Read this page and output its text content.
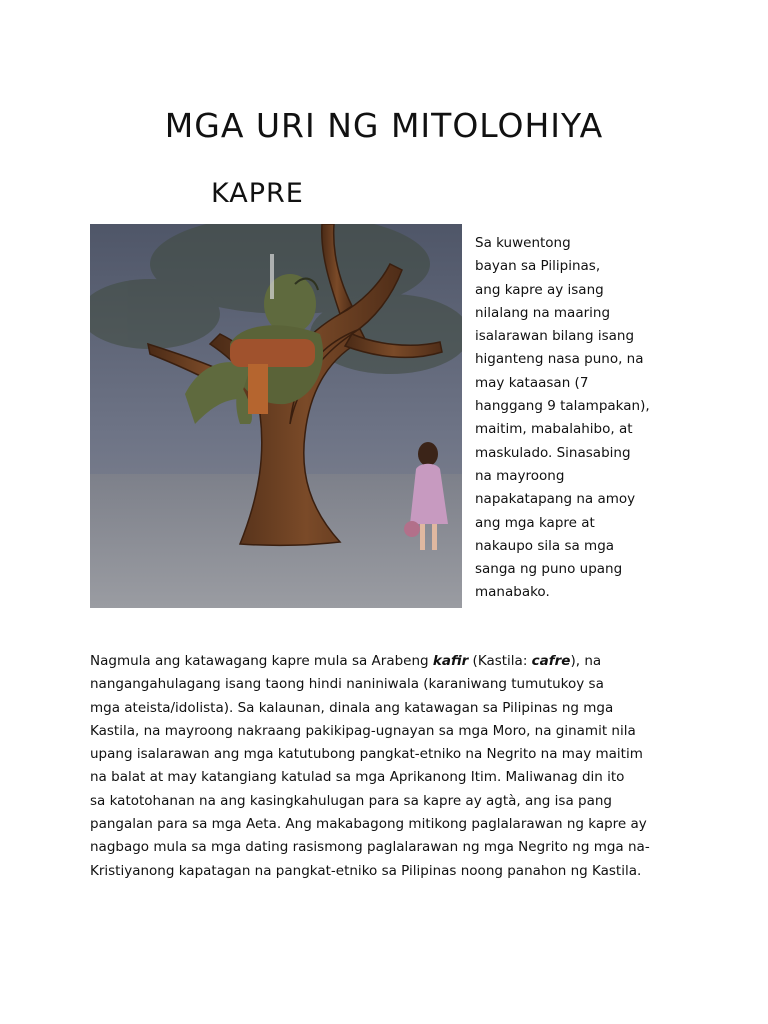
MGA URI NG MITOLOHIYA
KAPRE
Sa kuwentong
bayan sa Pilipinas,
ang kapre ay isang
nilalang na maaring
isalarawan bilang isang
higanteng nasa puno, na
may kataasan (7
hanggang 9 talampakan),
maitim, mabalahibo, at
maskulado. Sinasabing
na mayroong
napakatapang na amoy
ang mga kapre at
nakaupo sila sa mga
sanga ng puno upang
manabako.
Nagmula ang katawagang kapre mula sa Arabeng kafir (Kastila: cafre), na
nangangahulagang isang taong hindi naniniwala (karaniwang tumutukoy sa
mga ateista/idolista). Sa kalaunan, dinala ang katawagan sa Pilipinas ng mga
Kastila, na mayroong nakraang pakikipag-ugnayan sa mga Moro, na ginamit nila
upang isalarawan ang mga katutubong pangkat-etniko na Negrito na may maitim
na balat at may katangiang katulad sa mga Aprikanong Itim. Maliwanag din ito
sa katotohanan na ang kasingkahulugan para sa kapre ay agtà, ang isa pang
pangalan para sa mga Aeta. Ang makabagong mitikong paglalarawan ng kapre ay
nagbago mula sa mga dating rasismong paglalarawan ng mga Negrito ng mga na-
Kristiyanong kapatagan na pangkat-etniko sa Pilipinas noong panahon ng Kastila.
